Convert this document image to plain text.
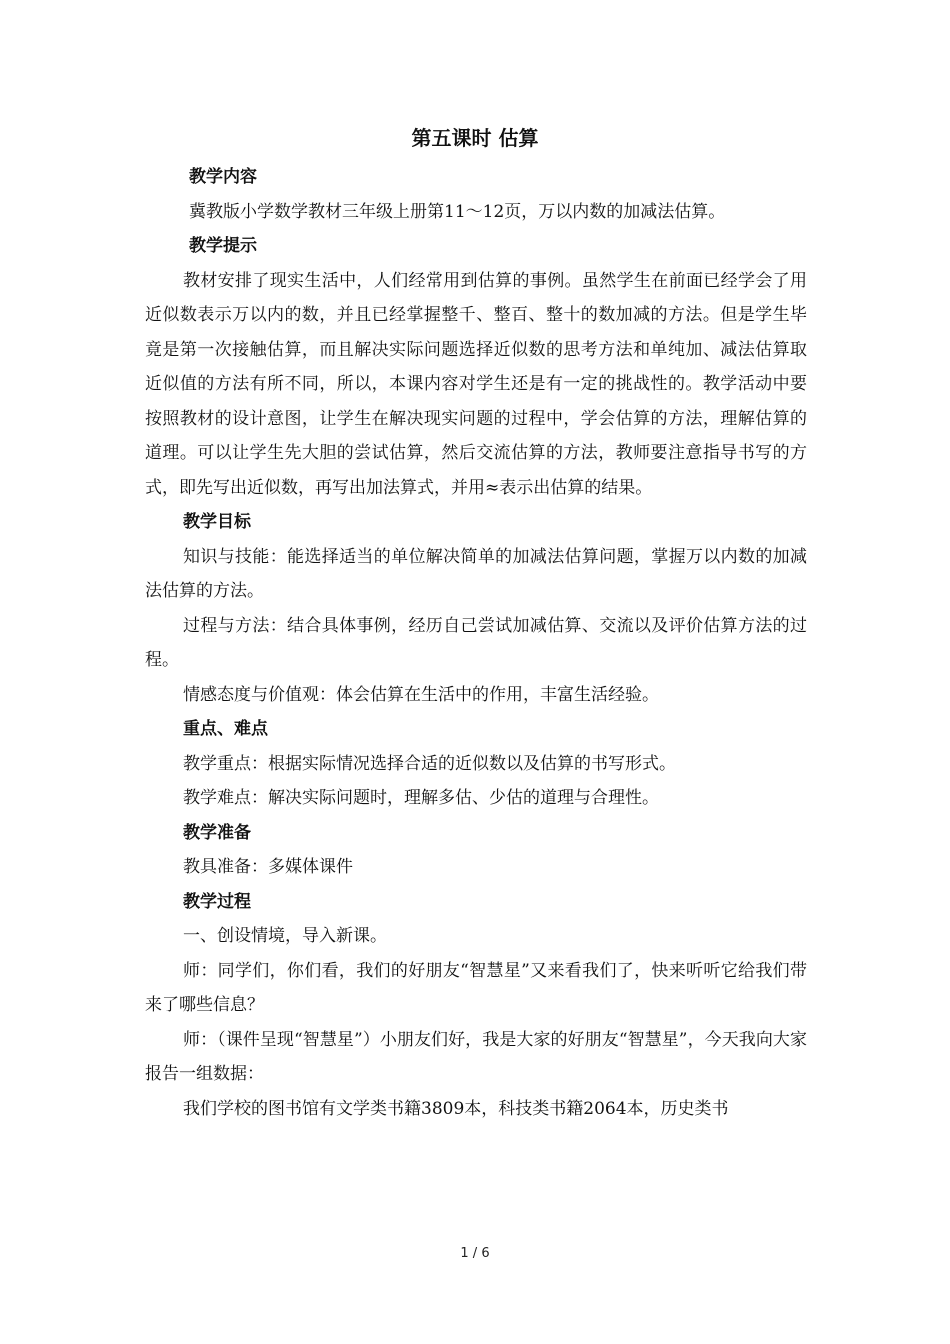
第五课时 估算
教学内容

冀教版小学数学教材三年级上册第11～12页，万以内数的加减法估算。

教学提示

教材安排了现实生活中，人们经常用到估算的事例。虽然学生在前面已经学会了用近似数表示万以内的数，并且已经掌握整千、整百、整十的数加减的方法。但是学生毕竟是第一次接触估算，而且解决实际问题选择近似数的思考方法和单纯加、减法估算取近似值的方法有所不同，所以，本课内容对学生还是有一定的挑战性的。教学活动中要按照教材的设计意图，让学生在解决现实问题的过程中，学会估算的方法，理解估算的道理。可以让学生先大胆的尝试估算，然后交流估算的方法，教师要注意指导书写的方式，即先写出近似数，再写出加法算式，并用≈表示出估算的结果。

教学目标

知识与技能：能选择适当的单位解决简单的加减法估算问题，掌握万以内数的加减法估算的方法。

过程与方法：结合具体事例，经历自己尝试加减估算、交流以及评价估算方法的过程。

情感态度与价值观：体会估算在生活中的作用，丰富生活经验。

重点、难点

教学重点：根据实际情况选择合适的近似数以及估算的书写形式。

教学难点：解决实际问题时，理解多估、少估的道理与合理性。

教学准备

教具准备：多媒体课件

教学过程

一、创设情境，导入新课。

师：同学们，你们看，我们的好朋友“智慧星”又来看我们了，快来听听它给我们带来了哪些信息？

师：（课件呈现“智慧星”）小朋友们好，我是大家的好朋友“智慧星”，今天我向大家报告一组数据：

我们学校的图书馆有文学类书籍3809本，科技类书籍2064本，历史类书

1 / 6
